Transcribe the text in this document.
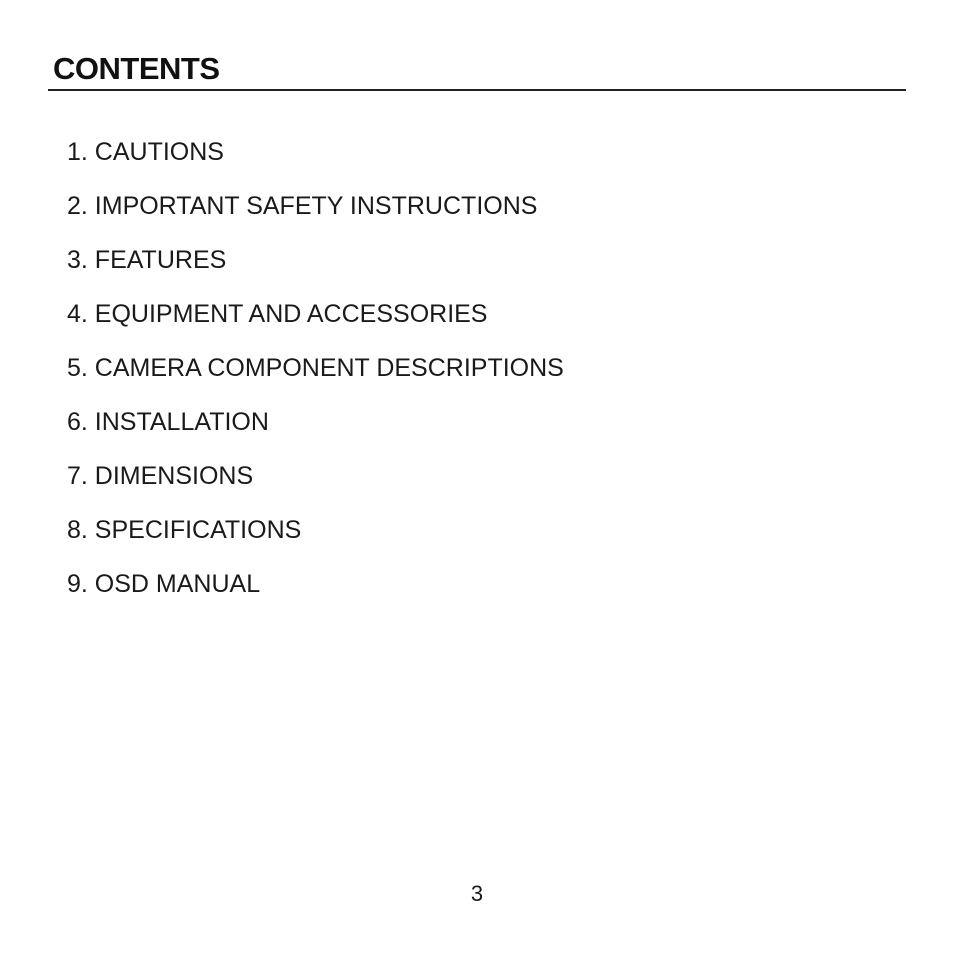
CONTENTS
1. CAUTIONS
2. IMPORTANT SAFETY INSTRUCTIONS
3. FEATURES
4. EQUIPMENT AND ACCESSORIES
5. CAMERA COMPONENT DESCRIPTIONS
6. INSTALLATION
7. DIMENSIONS
8. SPECIFICATIONS
9. OSD MANUAL
3
